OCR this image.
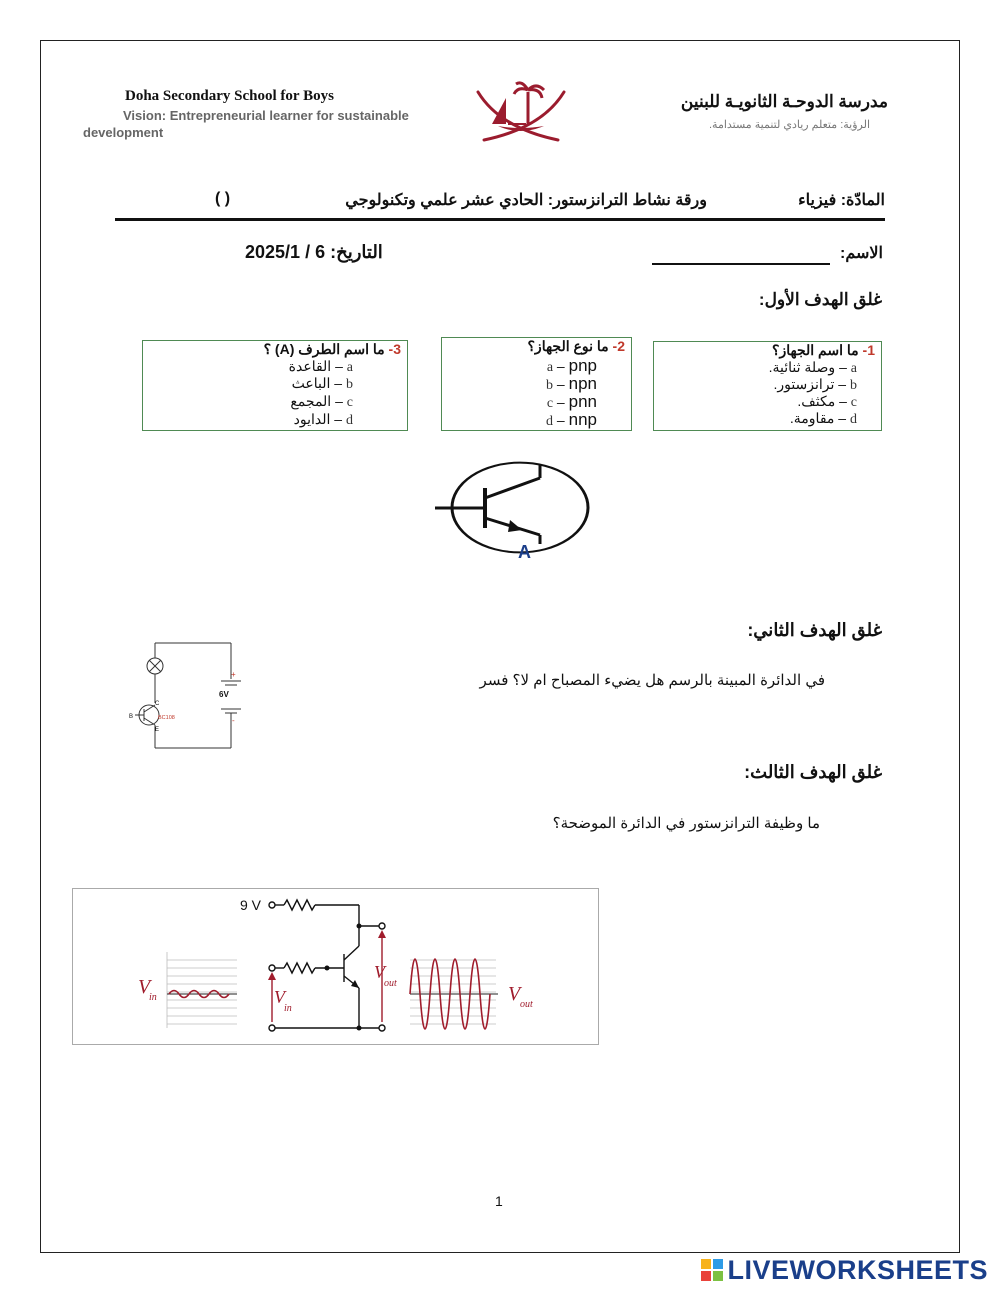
Doha Secondary School for Boys
Vision: Entrepreneurial learner for sustainable development
مدرسة الدوحـة الثانويـة للبنين
الرؤية: متعلم ريادي لتنمية مستدامة.
المادّة: فيزياء
ورقة نشاط الترانزستور: الحادي عشر علمي وتكنولوجي
( )
التاريخ: 6 / 2025/1	الاسم:
غلق الهدف الأول:
1- ما اسم الجهاز؟
a – وصلة ثنائية.
b – ترانزستور.
c – مكثف.
d – مقاومة.
2- ما نوع الجهاز؟
a – pnp
b – npn
c – pnn
d – nnp
3- ما اسم الطرف (A) ؟
a – القاعدة
b – الباعث
c – المجمع
d – الدايود
A
غلق الهدف الثاني:
في الدائرة المبينة بالرسم هل يضيء المصباح ام لا؟ فسر
6V
+
-
BC108
B
C
E
غلق الهدف الثالث:
ما وظيفة الترانزستور في الدائرة الموضحة؟
V
in
9 V
V
in
V
out	V out
1
LIVEWORKSHEETS
